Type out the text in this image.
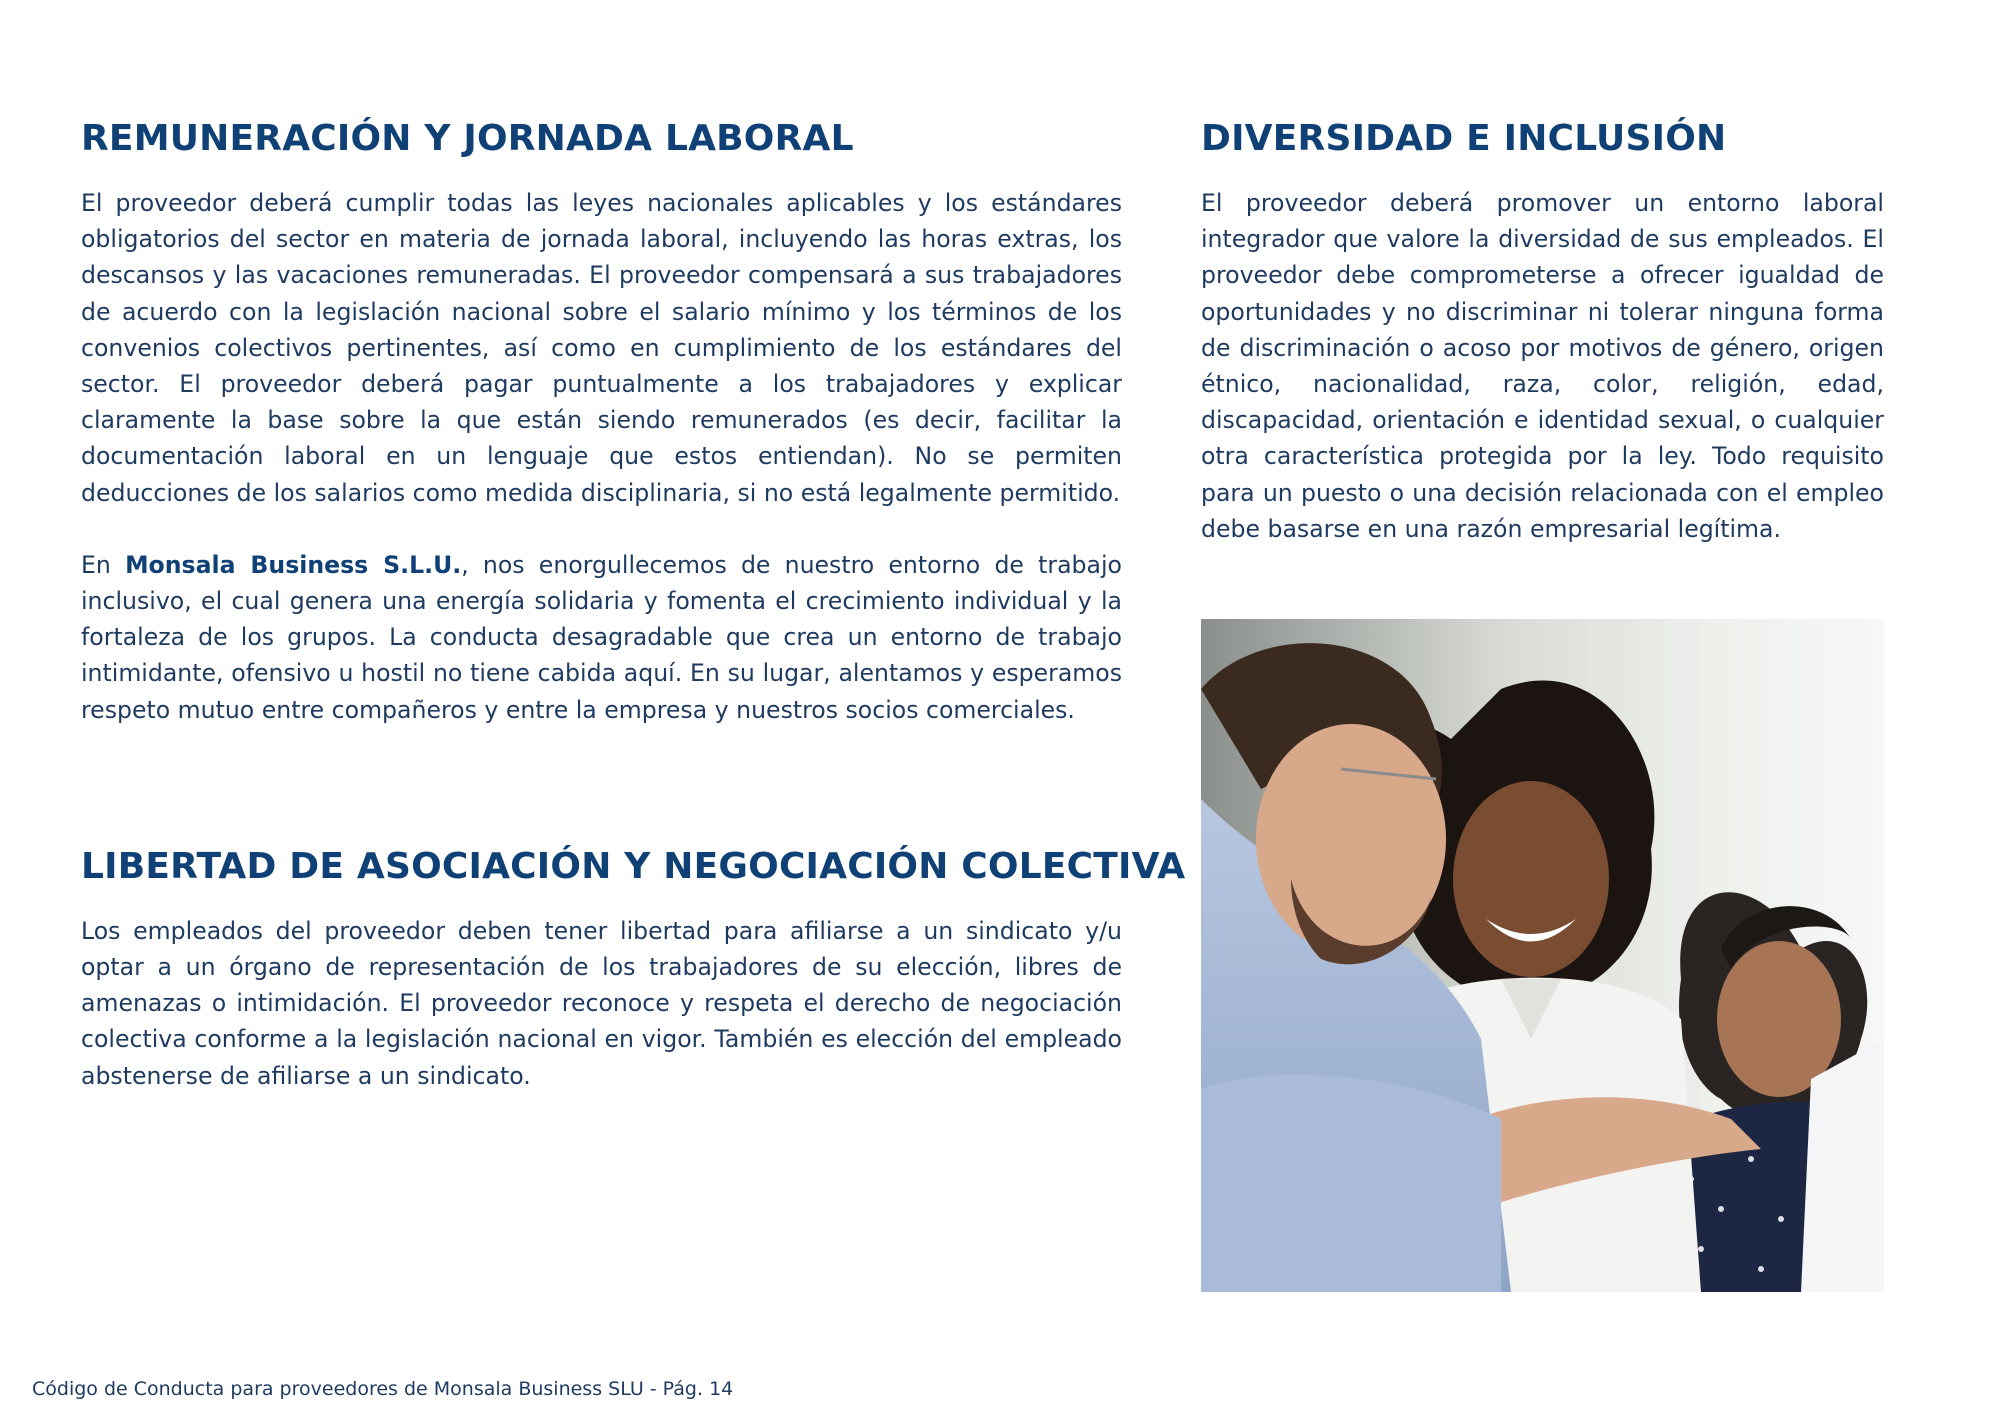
REMUNERACIÓN Y JORNADA LABORAL

El proveedor deberá cumplir todas las leyes nacionales aplicables y los estándares obligatorios del sector en materia de jornada laboral, incluyendo las horas extras, los descansos y las vacaciones remuneradas. El proveedor compensará a sus trabajadores de acuerdo con la legislación nacional sobre el salario mínimo y los términos de los convenios colectivos pertinentes, así como en cumplimiento de los estándares del sector. El proveedor deberá pagar puntualmente a los trabajadores y explicar claramente la base sobre la que están siendo remunerados (es decir, facilitar la documentación laboral en un lenguaje que estos entiendan). No se permiten deducciones de los salarios como medida disciplinaria, si no está legalmente permitido.

En Monsala Business S.L.U., nos enorgullecemos de nuestro entorno de trabajo inclusivo, el cual genera una energía solidaria y fomenta el crecimiento individual y la fortaleza de los grupos. La conducta desagradable que crea un entorno de trabajo intimidante, ofensivo u hostil no tiene cabida aquí. En su lugar, alentamos y esperamos respeto mutuo entre compañeros y entre la empresa y nuestros socios comerciales.

LIBERTAD DE ASOCIACIÓN Y NEGOCIACIÓN COLECTIVA

Los empleados del proveedor deben tener libertad para afiliarse a un sindicato y/u optar a un órgano de representación de los trabajadores de su elección, libres de amenazas o intimidación. El proveedor reconoce y respeta el derecho de negociación colectiva conforme a la legislación nacional en vigor. También es elección del empleado abstenerse de afiliarse a un sindicato.

DIVERSIDAD E INCLUSIÓN

El proveedor deberá promover un entorno laboral integrador que valore la diversidad de sus empleados. El proveedor debe comprometerse a ofrecer igualdad de oportunidades y no discriminar ni tolerar ninguna forma de discriminación o acoso por motivos de género, origen étnico, nacionalidad, raza, color, religión, edad, discapacidad, orientación e identidad sexual, o cualquier otra característica protegida por la ley. Todo requisito para un puesto o una decisión relacionada con el empleo debe basarse en una razón empresarial legítima.

Código de Conducta para proveedores de Monsala Business SLU - Pág. 14
